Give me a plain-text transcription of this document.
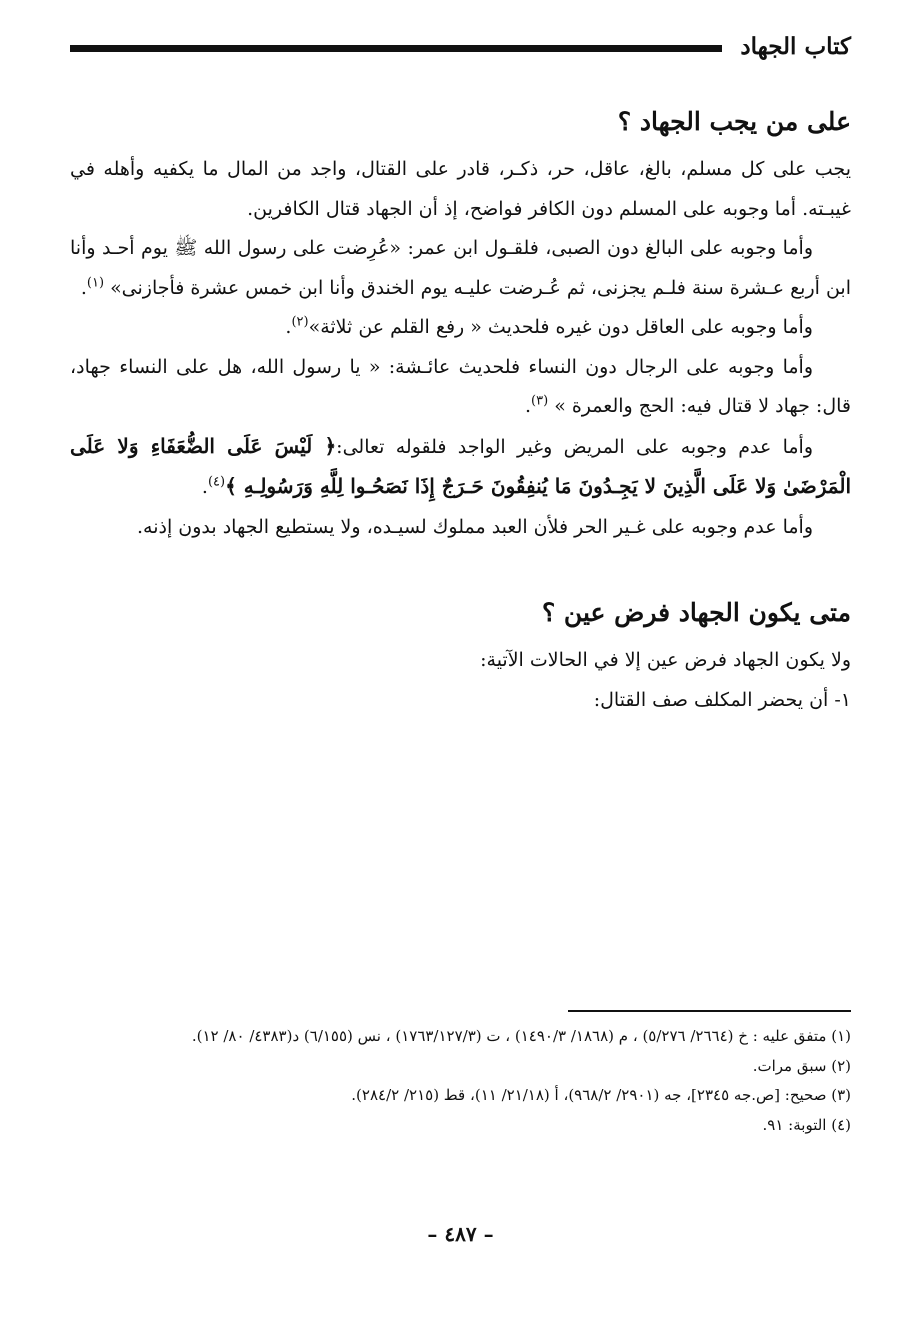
كتاب الجهاد
على من يجب الجهاد ؟

يجب على كل مسلم، بالغ، عاقل، حر، ذكـر، قادر على القتال، واجد من المال ما يكفيه وأهله في غيبـته. أما وجوبه على المسلم دون الكافر فواضح، إذ أن الجهاد قتال الكافرين.

وأما وجوبه على البالغ دون الصبى، فلقـول ابن عمر: «عُرِضت على رسول الله ﷺ يوم أحـد وأنا ابن أربع عـشرة سنة فلـم يجزنى، ثم عُـرضت عليـه يوم الخندق وأنا ابن خمس عشرة فأجازنى» $^{(١)}$.

وأما وجوبه على العاقل دون غيره فلحديث « رفع القلم عن ثلاثة»$^{(٢)}$.

وأما وجوبه على الرجال دون النساء فلحديث عائـشة: « يا رسول الله، هل على النساء جهاد، قال: جهاد لا قتال فيه: الحج والعمرة » $^{(٣)}$.

وأما عدم وجوبه على المريض وغير الواجد فلقوله تعالى:﴿ لَيْسَ عَلَى الضُّعَفَاءِ وَلا عَلَى الْمَرْضَىٰ وَلا عَلَى الَّذِينَ لا يَجِـدُونَ مَا يُنفِقُونَ حَـرَجٌ إِذَا نَصَحُـوا لِلَّهِ وَرَسُولِـهِ ﴾$^{(٤)}$.

وأما عدم وجوبه على غـير الحر فلأن العبد مملوك لسيـده، ولا يستطيع الجهاد بدون إذنه.

متى يكون الجهاد فرض عين ؟

ولا يكون الجهاد فرض عين إلا في الحالات الآتية:

١- أن يحضر المكلف صف القتال:

(١) متفق عليه : خ (٢٦٦٤/ ٥/٢٧٦) ، م (١٨٦٨/ ١٤٩٠/٣) ، ت (١٧٦٣/١٢٧/٣) ، نس (٦/١٥٥) د(٤٣٨٣/ ٨٠/ ١٢).

(٢) سبق مرات.

(٣) صحيح: [ص.جه ٢٣٤٥]، جه (٢٩٠١/ ٩٦٨/٢)، أ (٢١/١٨/ ١١)، قط (٢١٥/ ٢٨٤/٢).

(٤) التوبة: ٩١.

– ٤٨٧ –
